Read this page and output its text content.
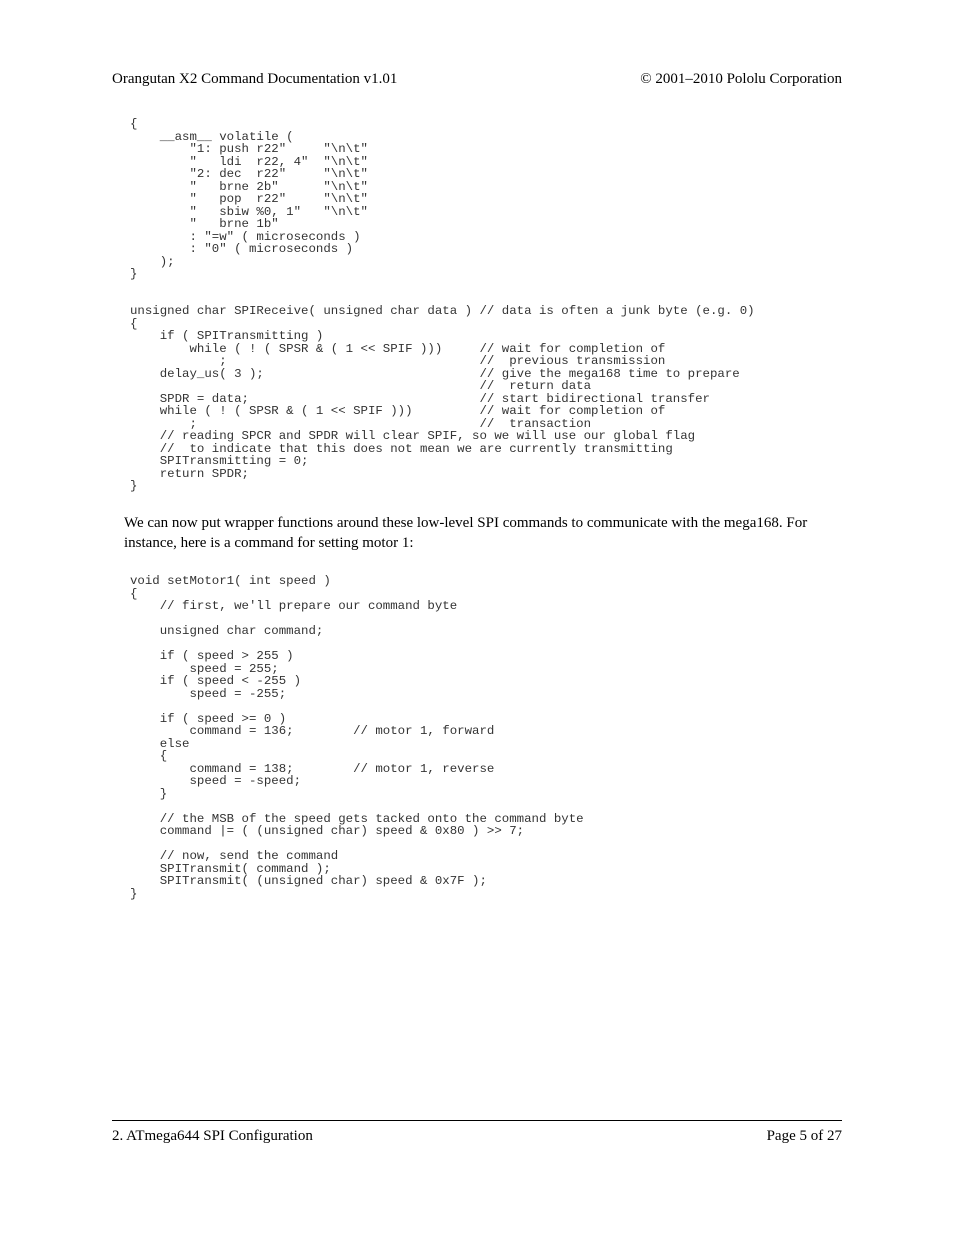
Orangutan X2 Command Documentation v1.01	© 2001–2010 Pololu Corporation
{
__asm__ volatile (
"1: push r22"     "\n\t"
"   ldi  r22, 4"  "\n\t"
"2: dec  r22"     "\n\t"
"   brne 2b"      "\n\t"
"   pop  r22"     "\n\t"
"   sbiw %0, 1"   "\n\t"
"   brne 1b"
: "=w" ( microseconds )
: "0" ( microseconds )
);
}
unsigned char SPIReceive( unsigned char data ) // data is often a junk byte (e.g. 0)
{
if ( SPITransmitting )
while ( ! ( SPSR & ( 1 << SPIF )))     // wait for completion of
;                                  //  previous transmission
delay_us( 3 );                             // give the mega168 time to prepare
//  return data
SPDR = data;                               // start bidirectional transfer
while ( ! ( SPSR & ( 1 << SPIF )))         // wait for completion of
;                                      //  transaction
// reading SPCR and SPDR will clear SPIF, so we will use our global flag
//  to indicate that this does not mean we are currently transmitting
SPITransmitting = 0;
return SPDR;
}

We can now put wrapper functions around these low-level SPI commands to communicate with the mega168. For instance, here is a command for setting motor 1:

void setMotor1( int speed )
{
// first, we'll prepare our command byte

unsigned char command;

if ( speed > 255 )
speed = 255;
if ( speed < -255 )
speed = -255;

if ( speed >= 0 )
command = 136;        // motor 1, forward
else
{
command = 138;        // motor 1, reverse
speed = -speed;
}

// the MSB of the speed gets tacked onto the command byte
command |= ( (unsigned char) speed & 0x80 ) >> 7;

// now, send the command
SPITransmit( command );
SPITransmit( (unsigned char) speed & 0x7F );
}
2. ATmega644 SPI Configuration	Page 5 of 27
